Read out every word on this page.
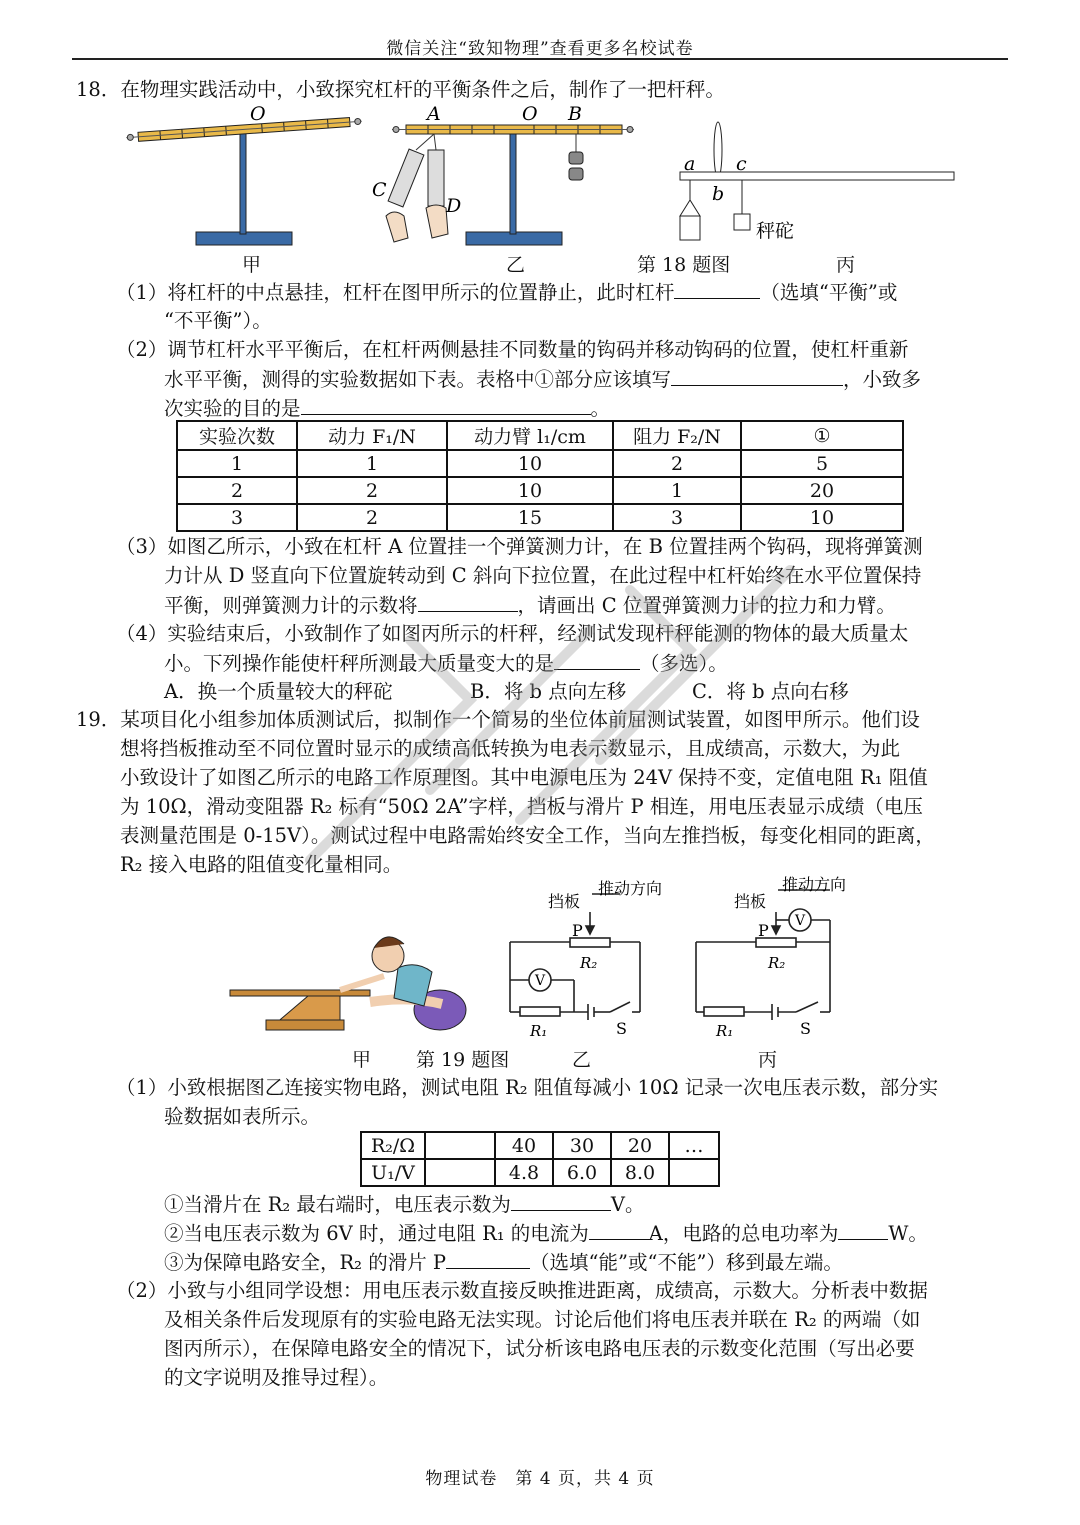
微信关注“致知物理”查看更多名校试卷
18．在物理实践活动中，小致探究杠杆的平衡条件之后，制作了一把杆秤。
O	A	O B
C
D
a
b
c
秤砣
甲	乙	第 18 题图	丙
（1）将杠杆的中点悬挂，杠杆在图甲所示的位置静止，此时杠杆	（选填“平衡”或
“不平衡”）。
（2）调节杠杆水平平衡后，在杠杆两侧悬挂不同数量的钩码并移动钩码的位置，使杠杆重新
水平平衡，测得的实验数据如下表。表格中①部分应该填写	，小致多
次实验的目的是	。
实验次数	动力 F₁/N	动力臂 l₁/cm	阻力 F₂/N	①
1	1	10	2	5
2	2	10	1	20
3	2	15	3	10
（3）如图乙所示，小致在杠杆 A 位置挂一个弹簧测力计，在 B 位置挂两个钩码，现将弹簧测
力计从 D 竖直向下位置旋转动到 C 斜向下拉位置，在此过程中杠杆始终在水平位置保持
平衡，则弹簧测力计的示数将	，请画出 C 位置弹簧测力计的拉力和力臂。
（4）实验结束后，小致制作了如图丙所示的杆秤，经测试发现杆秤能测的物体的最大质量太
小。下列操作能使杆秤所测最大质量变大的是	（多选）。
A．换一个质量较大的秤砣	B．将 b 点向左移	C．将 b 点向右移
19．某项目化小组参加体质测试后，拟制作一个简易的坐位体前屈测试装置，如图甲所示。他们设
想将挡板推动至不同位置时显示的成绩高低转换为电表示数显示，且成绩高，示数大，为此
小致设计了如图乙所示的电路工作原理图。其中电源电压为 24V 保持不变，定值电阻 R₁ 阻值
为 10Ω，滑动变阻器 R₂ 标有“50Ω 2A”字样，挡板与滑片 P 相连，用电压表显示成绩（电压
表测量范围是 0-15V）。测试过程中电路需始终安全工作，当向左推挡板，每变化相同的距离，
R₂ 接入电路的阻值变化量相同。
挡板
推动方向
P
R₂
V
R₁	S
挡板
推动方向
P
R₂
V
R₁	S
甲 第 19 题图	乙	丙
（1）小致根据图乙连接实物电路，测试电阻 R₂ 阻值每减小 10Ω 记录一次电压表示数，部分实
验数据如表所示。
R₂/Ω		40	30	20	…
U₁/V		4.8	6.0	8.0	
①当滑片在 R₂ 最右端时，电压表示数为	V。
②当电压表示数为 6V 时，通过电阻 R₁ 的电流为	A，电路的总电功率为	W。
③为保障电路安全，R₂ 的滑片 P	（选填“能”或“不能”）移到最左端。
（2）小致与小组同学设想：用电压表示数直接反映推进距离，成绩高，示数大。分析表中数据
及相关条件后发现原有的实验电路无法实现。讨论后他们将电压表并联在 R₂ 的两端（如
图丙所示），在保障电路安全的情况下，试分析该电路电压表的示数变化范围（写出必要
的文字说明及推导过程）。
物理试卷　第 4 页，共 4 页
